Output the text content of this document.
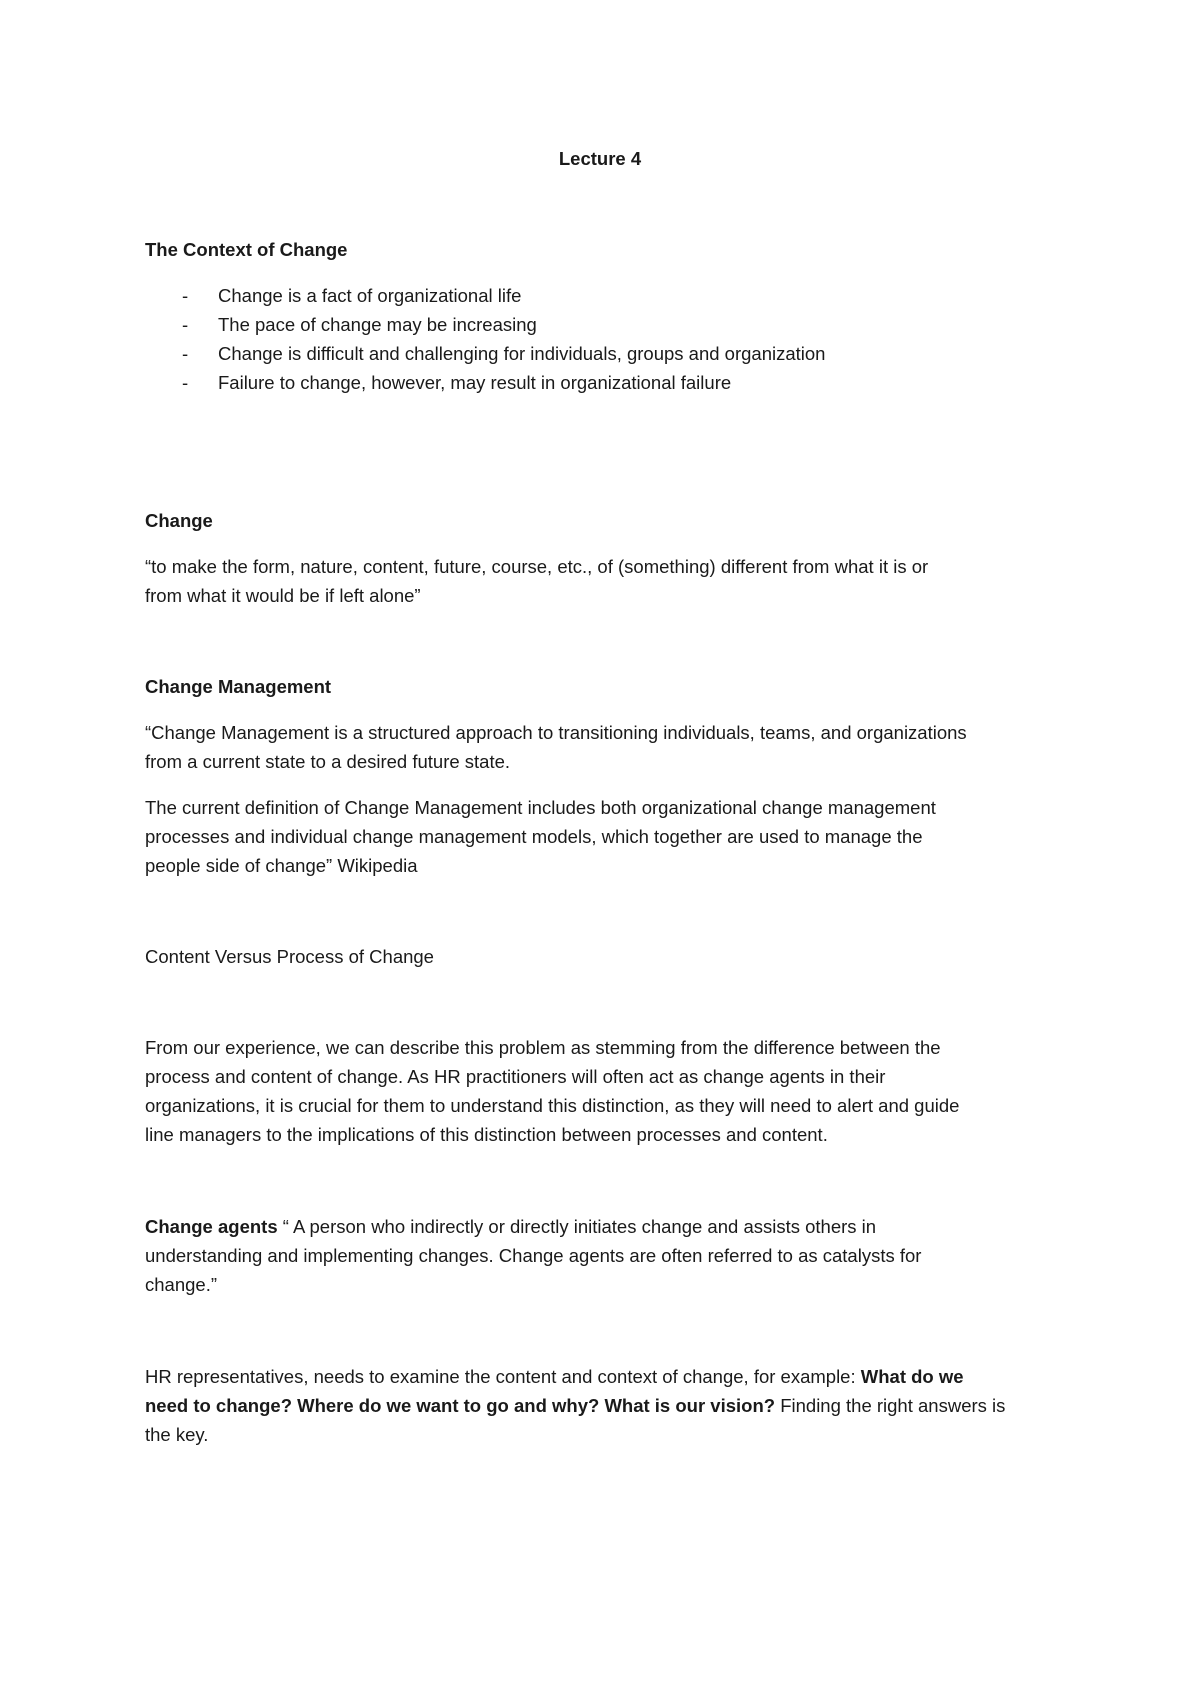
Lecture 4
The Context of Change
- Change is a fact of organizational life
- The pace of change may be increasing
- Change is difficult and challenging for individuals, groups and organization
- Failure to change, however, may result in organizational failure
Change
“to make the form, nature, content, future, course, etc., of (something) different from what it is or
from what it would be if left alone”
Change Management
“Change Management is a structured approach to transitioning individuals, teams, and organizations
from a current state to a desired future state.
The current definition of Change Management includes both organizational change management
processes and individual change management models, which together are used to manage the
people side of change” Wikipedia
Content Versus Process of Change
From our experience, we can describe this problem as stemming from the difference between the
process and content of change. As HR practitioners will often act as change agents in their
organizations, it is crucial for them to understand this distinction, as they will need to alert and guide
line managers to the implications of this distinction between processes and content.
Change agents “ A person who indirectly or directly initiates change and assists others in
understanding and implementing changes. Change agents are often referred to as catalysts for
change.”
HR representatives, needs to examine the content and context of change, for example: What do we
need to change? Where do we want to go and why? What is our vision? Finding the right answers is
the key.
